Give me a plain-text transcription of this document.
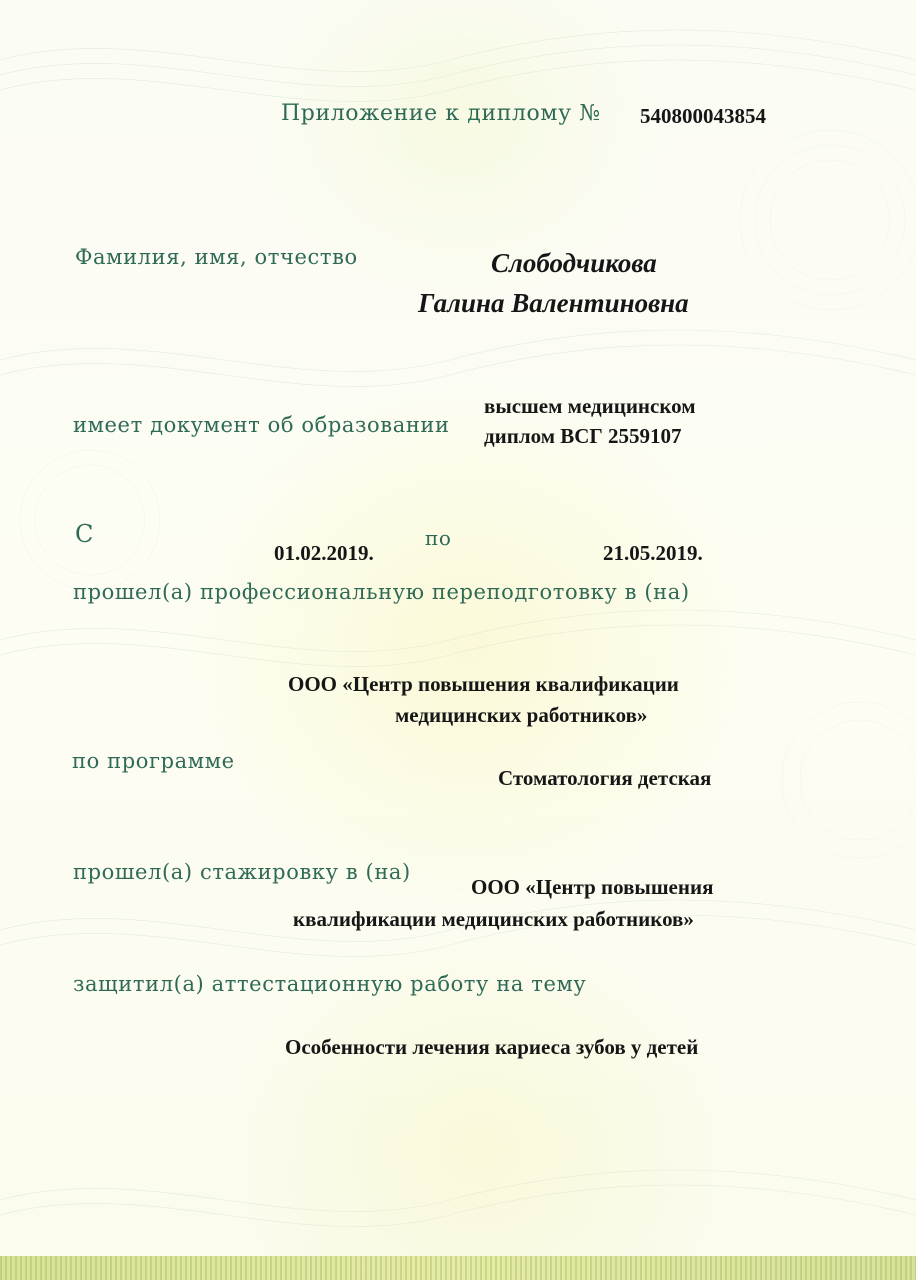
Приложение к диплому № 540800043854
Фамилия, имя, отчество	Слободчикова
Галина Валентиновна
имеет документ об образовании
высшем медицинском
диплом ВСГ 2559107
С
01.02.2019.
по
21.05.2019.
прошел(а) профессиональную переподготовку в (на)
ООО «Центр повышения квалификации
медицинских работников»
по программе
Стоматология детская
прошел(а) стажировку в (на)
ООО «Центр повышения
квалификации медицинских работников»
защитил(а) аттестационную работу на тему
Особенности лечения кариеса зубов у детей
